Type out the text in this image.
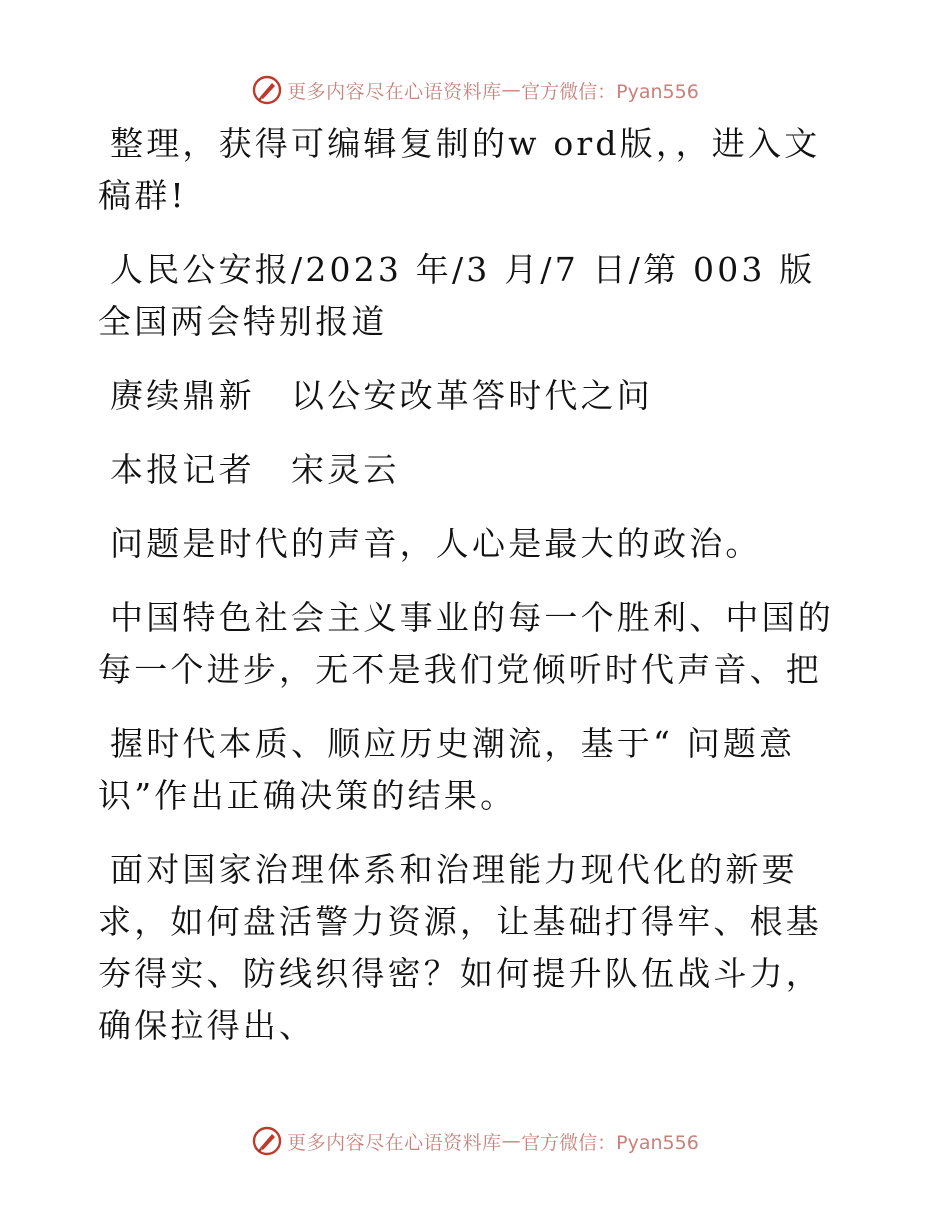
更多内容尽在心语资料库 — 官方微信：Pyan556

整理，获得可编辑复制的w ord版，，进入文稿群!

人民公安报/2023 年/3 月/7 日/第 003 版全国两会特别报道

赓续鼎新　以公安改革答时代之问

本报记者　宋灵云

问题是时代的声音，人心是最大的政治。

中国特色社会主义事业的每一个胜利、中国的每一个进步，无不是我们党倾听时代声音、把

握时代本质、顺应历史潮流，基于“ 问题意识”作出正确决策的结果。

面对国家治理体系和治理能力现代化的新要求，如何盘活警力资源，让基础打得牢、根基夯得实、防线织得密？如何提升队伍战斗力，确保拉得出、

更多内容尽在心语资料库 — 官方微信：Pyan556
